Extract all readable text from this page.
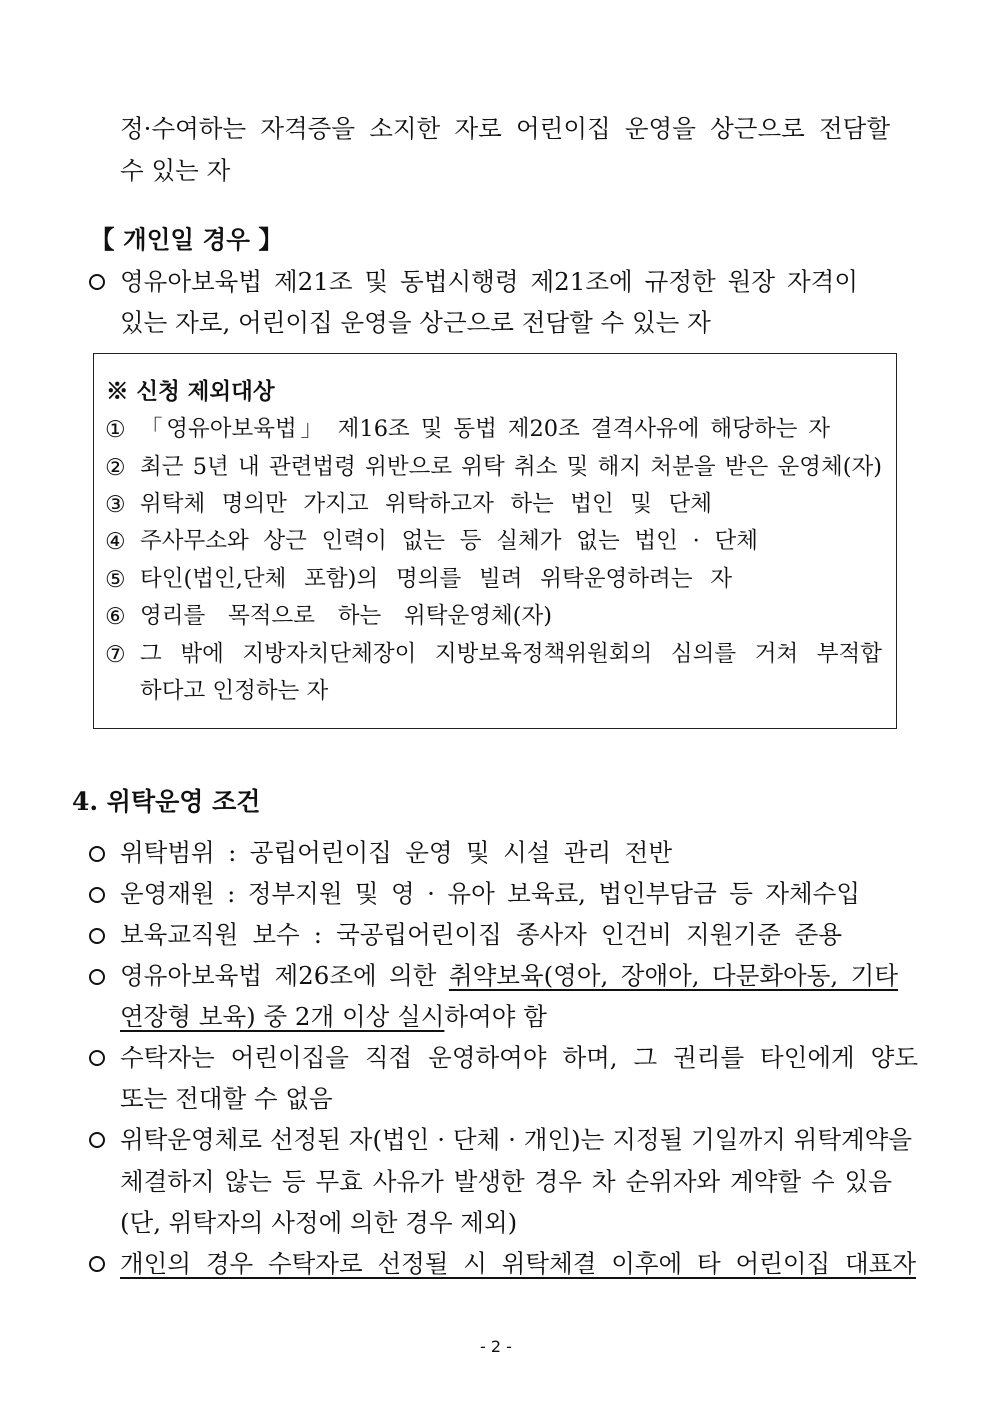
정·수여하는 자격증을 소지한 자로 어린이집 운영을 상근으로 전담할
수 있는 자
【 개인일 경우 】
영유아보육법 제21조 및 동법시행령 제21조에 규정한 원장 자격이
있는 자로, 어린이집 운영을 상근으로 전담할 수 있는 자
※ 신청 제외대상
① 「영유아보육법」 제16조 및 동법 제20조 결격사유에 해당하는 자
② 최근 5년 내 관련법령 위반으로 위탁 취소 및 해지 처분을 받은 운영체(자)
③ 위탁체 명의만 가지고 위탁하고자 하는 법인 및 단체
④ 주사무소와 상근 인력이 없는 등 실체가 없는 법인 · 단체
⑤ 타인(법인,단체 포함)의 명의를 빌려 위탁운영하려는 자
⑥ 영리를 목적으로 하는 위탁운영체(자)
⑦ 그 밖에 지방자치단체장이 지방보육정책위원회의 심의를 거쳐 부적합
하다고 인정하는 자
4. 위탁운영 조건
위탁범위 : 공립어린이집 운영 및 시설 관리 전반
운영재원 : 정부지원 및 영 · 유아 보육료, 법인부담금 등 자체수입
보육교직원 보수 : 국공립어린이집 종사자 인건비 지원기준 준용
영유아보육법 제26조에 의한 취약보육(영아, 장애아, 다문화아동, 기타
연장형 보육) 중 2개 이상 실시하여야 함
수탁자는 어린이집을 직접 운영하여야 하며, 그 권리를 타인에게 양도
또는 전대할 수 없음
위탁운영체로 선정된 자(법인 · 단체 · 개인)는 지정될 기일까지 위탁계약을
체결하지 않는 등 무효 사유가 발생한 경우 차 순위자와 계약할 수 있음
(단, 위탁자의 사정에 의한 경우 제외)
개인의 경우 수탁자로 선정될 시 위탁체결 이후에 타 어린이집 대표자
- 2 -
